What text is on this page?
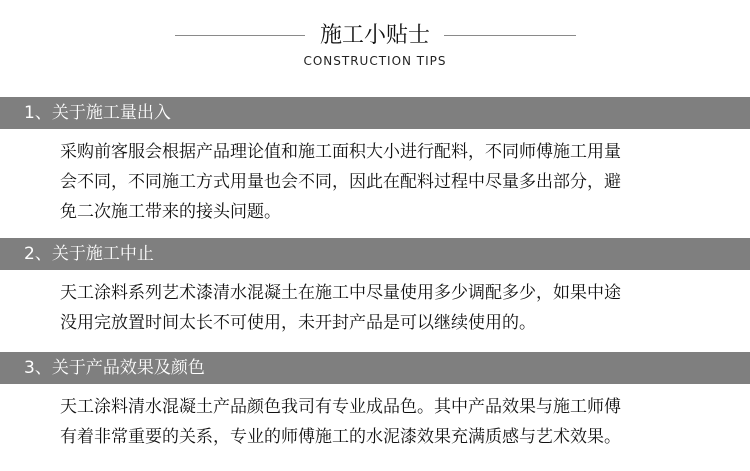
施工小贴士
CONSTRUCTION TIPS
1、关于施工量出入

采购前客服会根据产品理论值和施工面积大小进行配料，不同师傅施工用量

会不同，不同施工方式用量也会不同，因此在配料过程中尽量多出部分，避

免二次施工带来的接头问题。

2、关于施工中止

天工涂料系列艺术漆清水混凝土在施工中尽量使用多少调配多少，如果中途

没用完放置时间太长不可使用，未开封产品是可以继续使用的。

3、关于产品效果及颜色

天工涂料清水混凝土产品颜色我司有专业成品色。其中产品效果与施工师傅

有着非常重要的关系，专业的师傅施工的水泥漆效果充满质感与艺术效果。
